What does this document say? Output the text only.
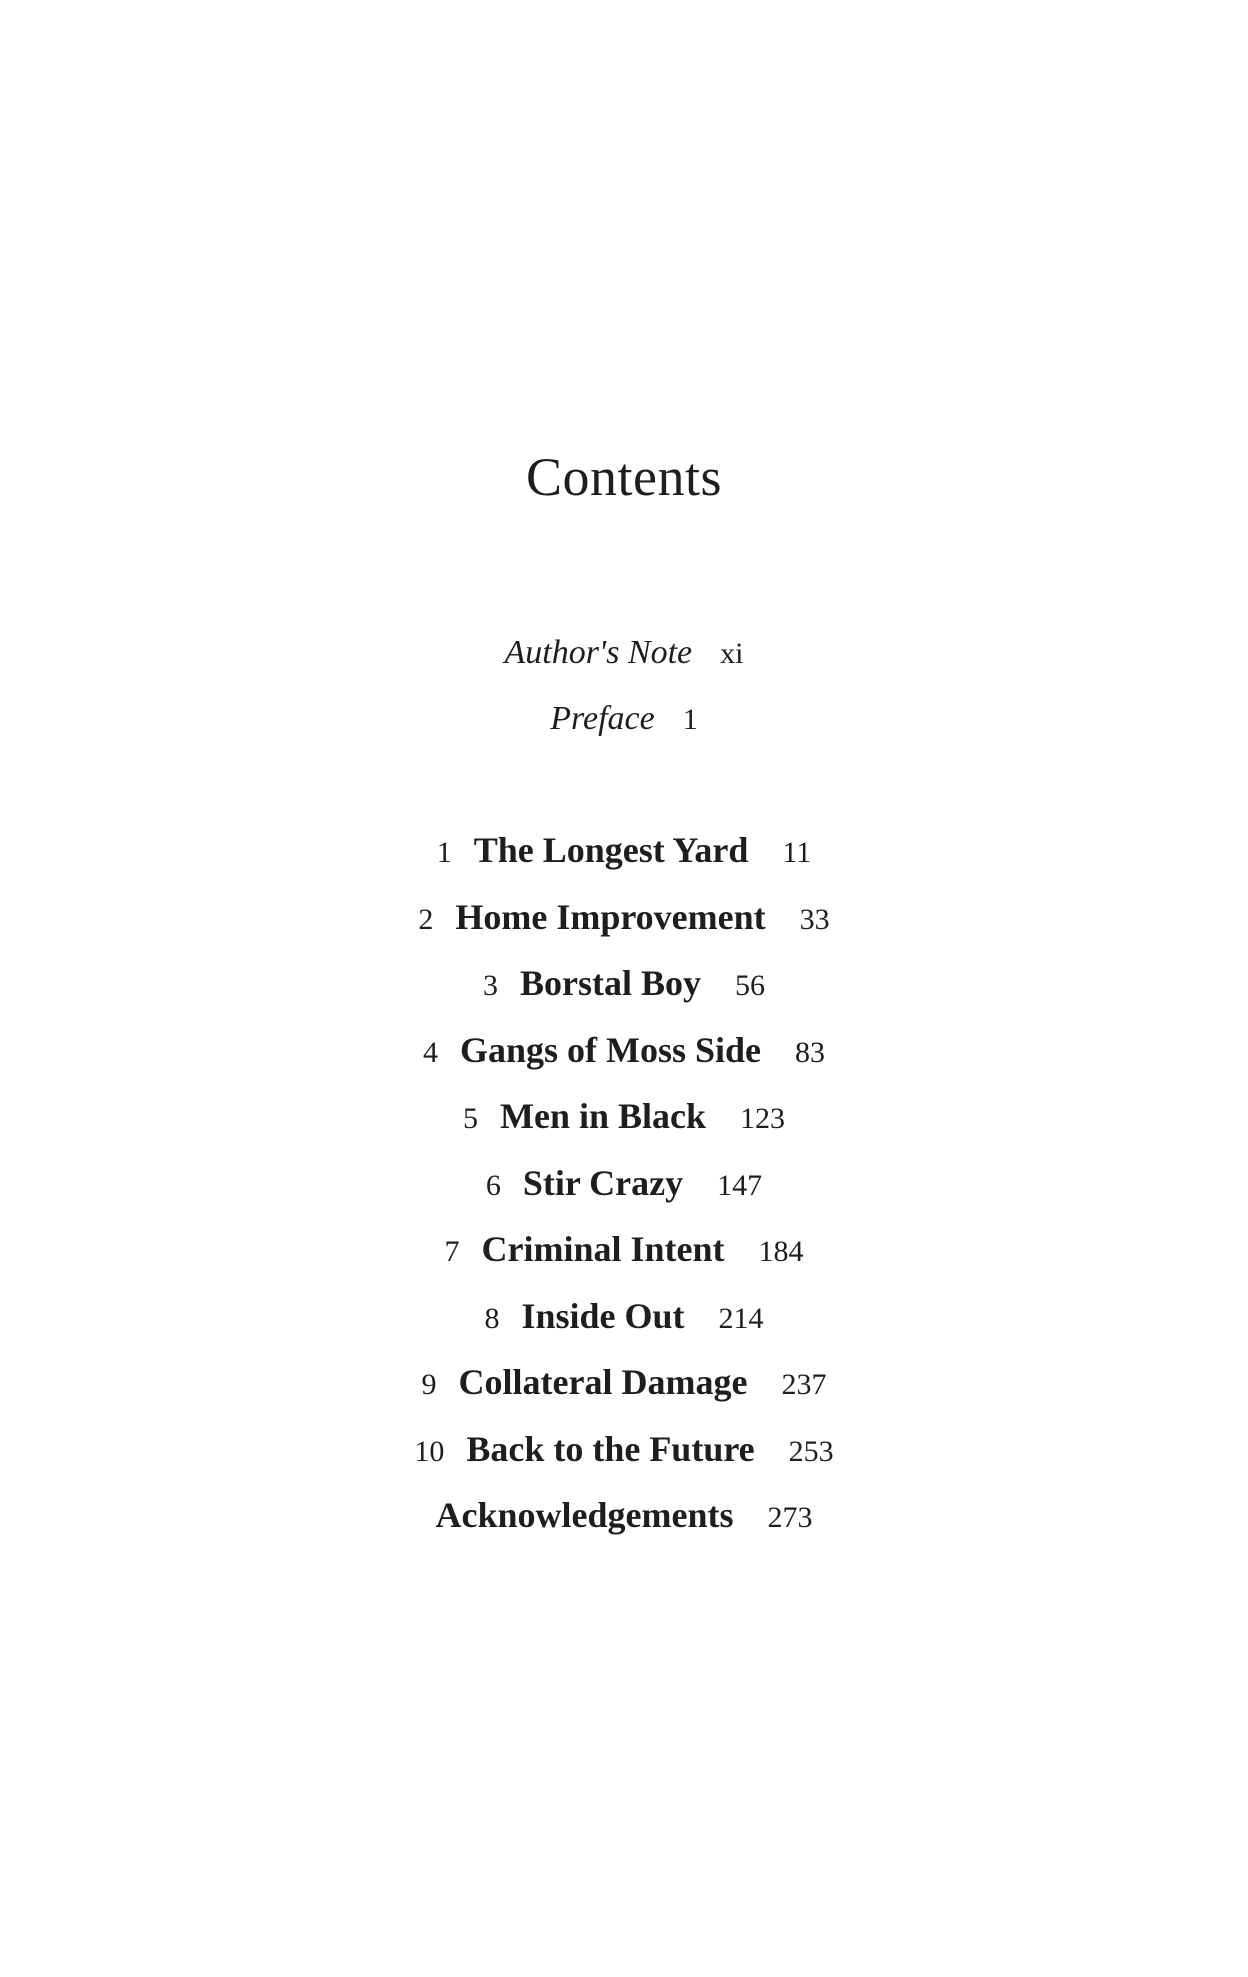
Contents
Author's Note xi
Preface 1
1 The Longest Yard 11
2 Home Improvement 33
3 Borstal Boy 56
4 Gangs of Moss Side 83
5 Men in Black 123
6 Stir Crazy 147
7 Criminal Intent 184
8 Inside Out 214
9 Collateral Damage 237
10 Back to the Future 253
Acknowledgements 273
